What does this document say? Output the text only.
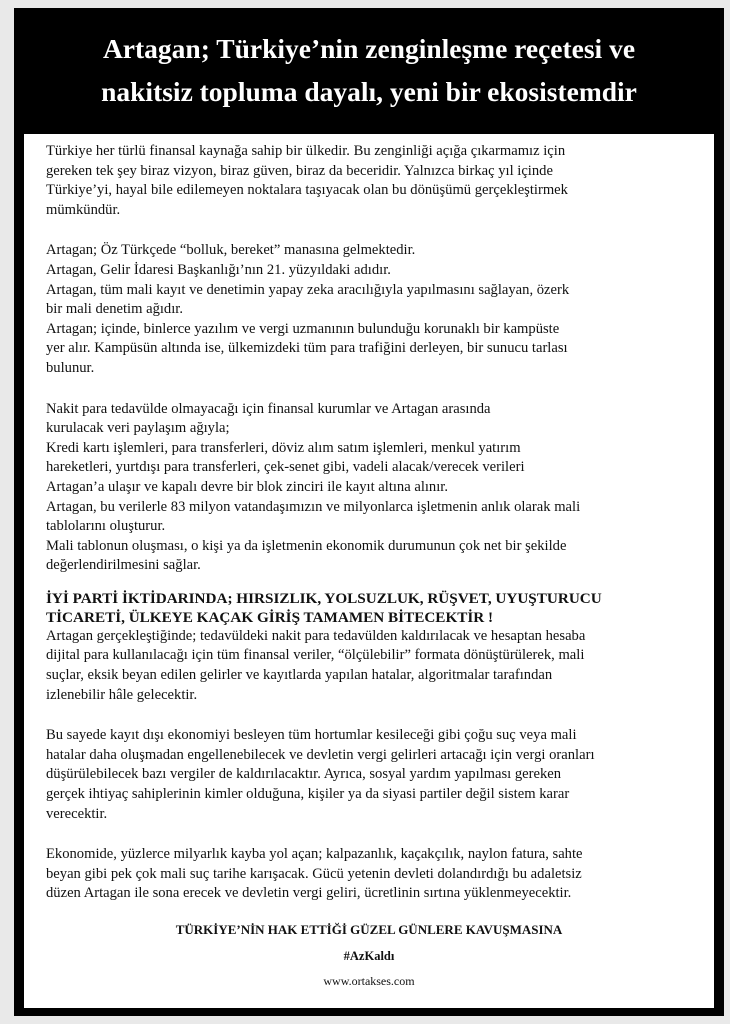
Artagan; Türkiye’nin zenginleşme reçetesi ve
nakitsiz topluma dayalı, yeni bir ekosistemdir

Türkiye her türlü finansal kaynağa sahip bir ülkedir. Bu zenginliği açığa çıkarmamız için
gereken tek şey biraz vizyon, biraz güven, biraz da beceridir. Yalnızca birkaç yıl içinde
Türkiye’yi, hayal bile edilemeyen noktalara taşıyacak olan bu dönüşümü gerçekleştirmek
mümkündür.

Artagan; Öz Türkçede “bolluk, bereket” manasına gelmektedir.
Artagan, Gelir İdaresi Başkanlığı’nın 21. yüzyıldaki adıdır.
Artagan, tüm mali kayıt ve denetimin yapay zeka aracılığıyla yapılmasını sağlayan, özerk
bir mali denetim ağıdır.
Artagan; içinde, binlerce yazılım ve vergi uzmanının bulunduğu korunaklı bir kampüste
yer alır. Kampüsün altında ise, ülkemizdeki tüm para trafiğini derleyen, bir sunucu tarlası
bulunur.

Nakit para tedavülde olmayacağı için finansal kurumlar ve Artagan arasında
kurulacak veri paylaşım ağıyla;
Kredi kartı işlemleri, para transferleri, döviz alım satım işlemleri, menkul yatırım
hareketleri, yurtdışı para transferleri, çek-senet gibi, vadeli alacak/verecek verileri
Artagan’a ulaşır ve kapalı devre bir blok zinciri ile kayıt altına alınır.
Artagan, bu verilerle 83 milyon vatandaşımızın ve milyonlarca işletmenin anlık olarak mali
tablolarını oluşturur.
Mali tablonun oluşması, o kişi ya da işletmenin ekonomik durumunun çok net bir şekilde
değerlendirilmesini sağlar.

İYİ PARTİ İKTİDARINDA; HIRSIZLIK, YOLSUZLUK, RÜŞVET, UYUŞTURUCU
TİCARETİ, ÜLKEYE KAÇAK GİRİŞ TAMAMEN BİTECEKTİR !

Artagan gerçekleştiğinde; tedavüldeki nakit para tedavülden kaldırılacak ve hesaptan hesaba
dijital para kullanılacağı için tüm finansal veriler, “ölçülebilir” formata dönüştürülerek, mali
suçlar, eksik beyan edilen gelirler ve kayıtlarda yapılan hatalar, algoritmalar tarafından
izlenebilir hâle gelecektir.

Bu sayede kayıt dışı ekonomiyi besleyen tüm hortumlar kesileceği gibi çoğu suç veya mali
hatalar daha oluşmadan engellenebilecek ve devletin vergi gelirleri artacağı için vergi oranları
düşürülebilecek bazı vergiler de kaldırılacaktır. Ayrıca, sosyal yardım yapılması gereken
gerçek ihtiyaç sahiplerinin kimler olduğuna, kişiler ya da siyasi partiler değil sistem karar
verecektir.

Ekonomide, yüzlerce milyarlık kayba yol açan; kalpazanlık, kaçakçılık, naylon fatura, sahte
beyan gibi pek çok mali suç tarihe karışacak. Gücü yetenin devleti dolandırdığı bu adaletsiz
düzen Artagan ile sona erecek ve devletin vergi geliri, ücretlinin sırtına yüklenmeyecektir.

TÜRKİYE’NİN HAK ETTİĞİ GÜZEL GÜNLERE KAVUŞMASINA

#AzKaldı

www.ortakses.com
